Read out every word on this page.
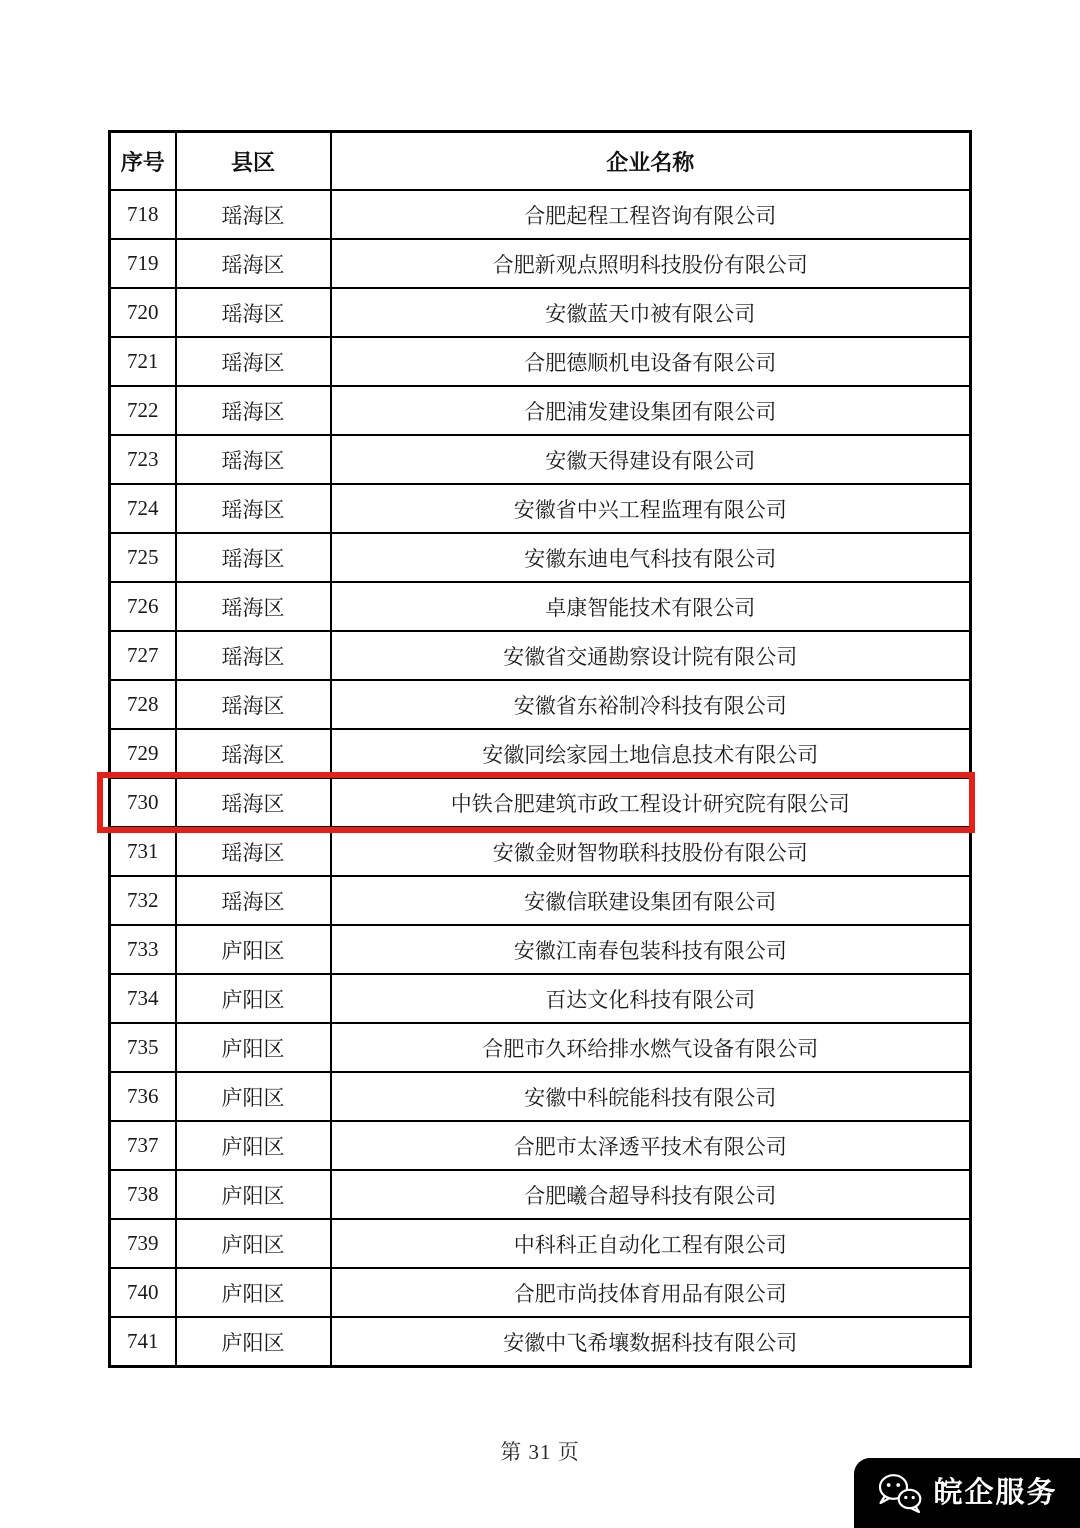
序号	县区	企业名称
718	瑶海区	合肥起程工程咨询有限公司
719	瑶海区	合肥新观点照明科技股份有限公司
720	瑶海区	安徽蓝天巾被有限公司
721	瑶海区	合肥德顺机电设备有限公司
722	瑶海区	合肥浦发建设集团有限公司
723	瑶海区	安徽天得建设有限公司
724	瑶海区	安徽省中兴工程监理有限公司
725	瑶海区	安徽东迪电气科技有限公司
726	瑶海区	卓康智能技术有限公司
727	瑶海区	安徽省交通勘察设计院有限公司
728	瑶海区	安徽省东裕制冷科技有限公司
729	瑶海区	安徽同绘家园土地信息技术有限公司
730	瑶海区	中铁合肥建筑市政工程设计研究院有限公司
731	瑶海区	安徽金财智物联科技股份有限公司
732	瑶海区	安徽信联建设集团有限公司
733	庐阳区	安徽江南春包装科技有限公司
734	庐阳区	百达文化科技有限公司
735	庐阳区	合肥市久环给排水燃气设备有限公司
736	庐阳区	安徽中科皖能科技有限公司
737	庐阳区	合肥市太泽透平技术有限公司
738	庐阳区	合肥曦合超导科技有限公司
739	庐阳区	中科科正自动化工程有限公司
740	庐阳区	合肥市尚技体育用品有限公司
741	庐阳区	安徽中飞希壤数据科技有限公司
第 31 页
皖企服务
